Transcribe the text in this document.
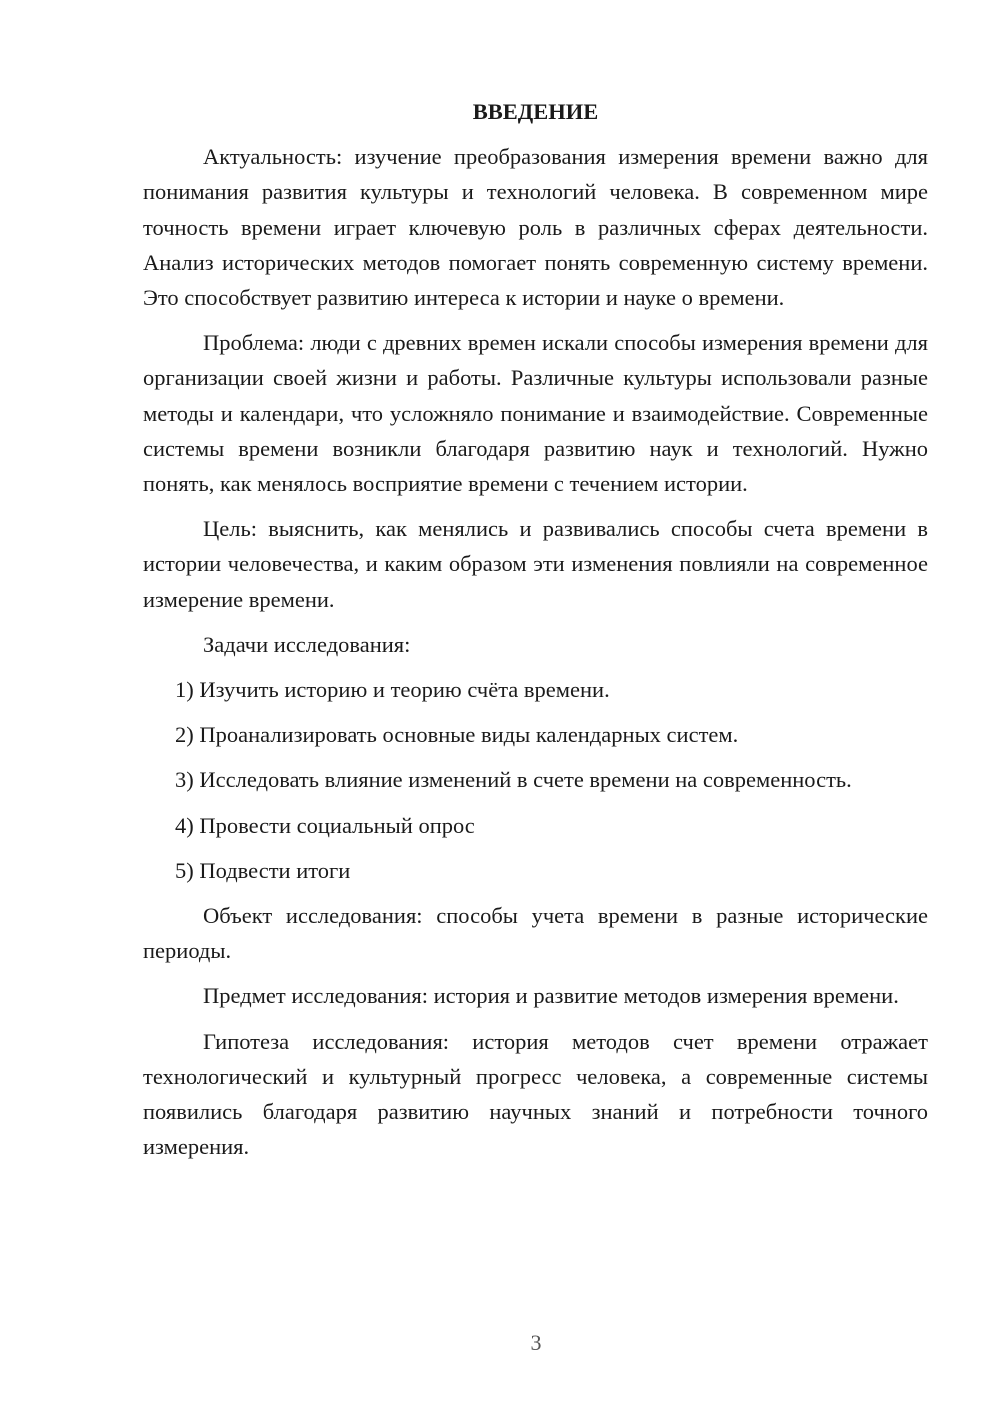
ВВЕДЕНИЕ

Актуальность: изучение преобразования измерения времени важно для понимания развития культуры и технологий человека. В современном мире точность времени играет ключевую роль в различных сферах деятельности. Анализ исторических методов помогает понять современную систему времени. Это способствует развитию интереса к истории и науке о времени.

Проблема: люди с древних времен искали способы измерения времени для организации своей жизни и работы. Различные культуры использовали разные методы и календари, что усложняло понимание и взаимодействие. Современные системы времени возникли благодаря развитию наук и технологий. Нужно понять, как менялось восприятие времени с течением истории.

Цель: выяснить, как менялись и развивались способы счета времени в истории человечества, и каким образом эти изменения повлияли на современное измерение времени.

Задачи исследования:

1) Изучить историю и теорию счёта времени.

2) Проанализировать основные виды календарных систем.

3) Исследовать влияние изменений в счете времени на современность.

4) Провести социальный опрос

5) Подвести итоги

Объект исследования: способы учета времени в разные исторические периоды.

Предмет исследования: история и развитие методов измерения времени.

Гипотеза исследования: история методов счет времени отражает технологический и культурный прогресс человека, а современные системы появились благодаря развитию научных знаний и потребности точного измерения.

3
